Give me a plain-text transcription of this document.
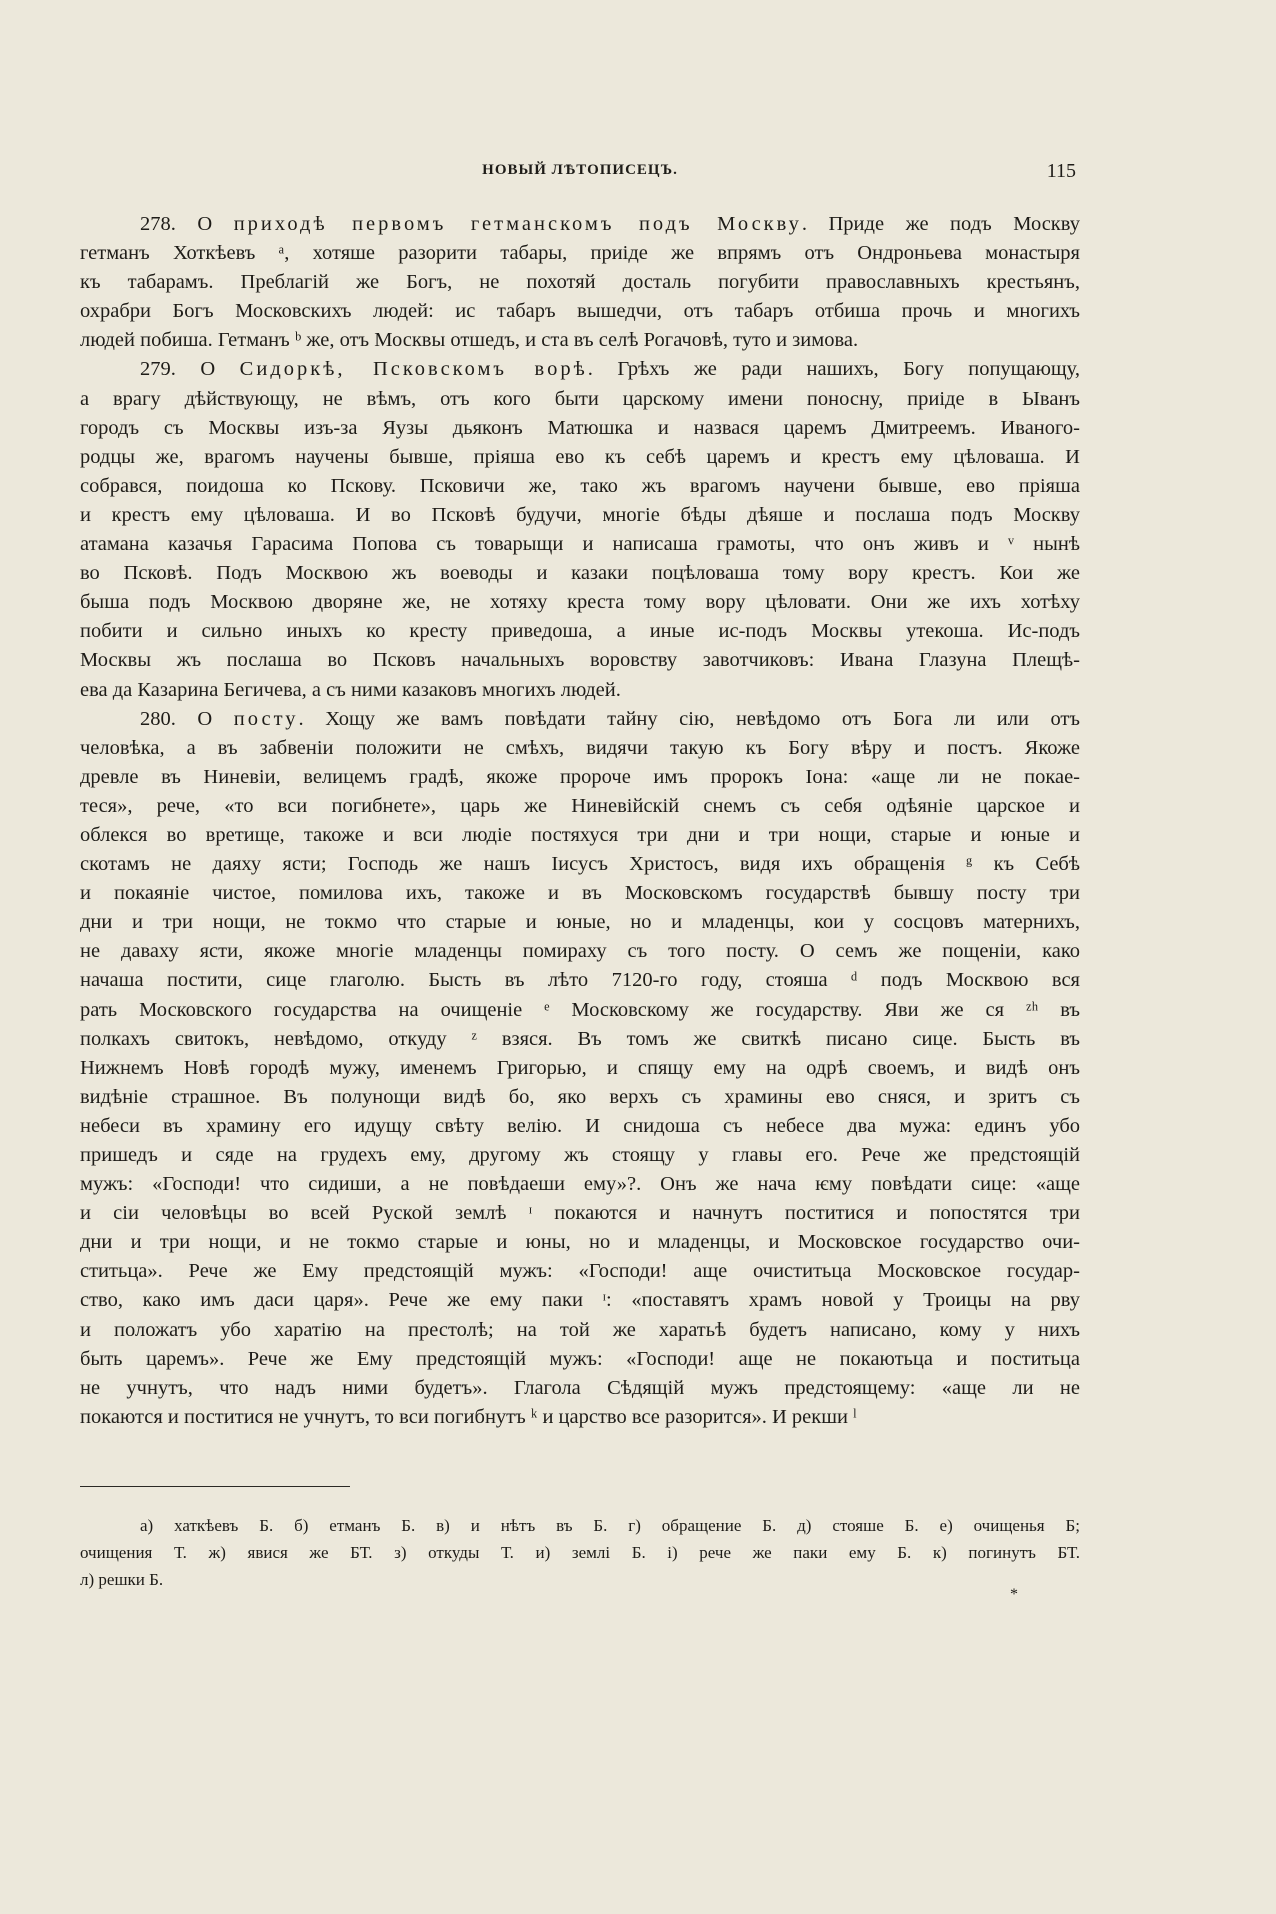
НОВЫЙ ЛѢТОПИСЕЦЪ.	115
278. О приходѣ первомъ гетманскомъ подъ Москву. Приде же подъ Москву
гетманъ Хоткѣевъ ᵃ, хотяше разорити табары, приіде же впрямъ отъ Ондроньева монастыря
къ табарамъ. Преблагій же Богъ, не похотяй досталь погубити православныхъ крестьянъ,
охрабри Богъ Московскихъ людей: ис табаръ вышедчи, отъ табаръ отбиша прочь и многихъ
людей побиша. Гетманъ ᵇ же, отъ Москвы отшедъ, и ста въ селѣ Рогачовѣ, туто и зимова.
279. О Сидоркѣ, Псковскомъ ворѣ. Грѣхъ же ради нашихъ, Богу попущающу,
а врагу дѣйствующу, не вѣмъ, отъ кого быти царскому имени поносну, приіде в Ыванъ
городъ съ Москвы изъ-за Яузы дьяконъ Матюшка и назвася царемъ Дмитреемъ. Иваного-
родцы же, врагомъ научены бывше, пріяша ево къ себѣ царемъ и крестъ ему цѣловаша. И
собрався, поидоша ко Пскову. Псковичи же, тако жъ врагомъ научени бывше, ево пріяша
и крестъ ему цѣловаша. И во Псковѣ будучи, многіе бѣды дѣяше и послаша подъ Москву
атамана казачья Гарасима Попова съ товарыщи и написаша грамоты, что онъ живъ и ᵛ нынѣ
во Псковѣ. Подъ Москвою жъ воеводы и казаки поцѣловаша тому вору крестъ. Кои же
быша подъ Москвою дворяне же, не хотяху креста тому вору цѣловати. Они же ихъ хотѣху
побити и сильно иныхъ ко кресту приведоша, а иные ис-подъ Москвы утекоша. Ис-подъ
Москвы жъ послаша во Псковъ начальныхъ воровству завотчиковъ: Ивана Глазуна Плещѣ-
ева да Казарина Бегичева, а съ ними казаковъ многихъ людей.
280. О посту. Хощу же вамъ повѣдати тайну сію, невѣдомо отъ Бога ли или отъ
человѣка, а въ забвеніи положити не смѣхъ, видячи такую къ Богу вѣру и постъ. Якоже
древле въ Ниневіи, велицемъ градѣ, якоже пророче имъ пророкъ Іона: «аще ли не покае-
теся», рече, «то вси погибнете», царь же Ниневійскій снемъ съ себя одѣяніе царское и
облекся во вретище, такоже и вси людіе постяхуся три дни и три нощи, старые и юные и
скотамъ не даяху ясти; Господь же нашъ Іисусъ Христосъ, видя ихъ обращенія ᵍ къ Себѣ
и покаяніе чистое, помилова ихъ, такоже и въ Московскомъ государствѣ бывшу посту три
дни и три нощи, не токмо что старые и юные, но и младенцы, кои у сосцовъ матернихъ,
не даваху ясти, якоже многіе младенцы помираху съ того посту. О семъ же пощеніи, како
начаша постити, сице глаголю. Бысть въ лѣто 7120-го году, стояша ᵈ подъ Москвою вся
рать Московского государства на очищеніе ᵉ Московскому же государству. Яви же ся ᶻʰ въ
полкахъ свитокъ, невѣдомо, откуду ᶻ взяся. Въ томъ же свиткѣ писано сице. Бысть въ
Нижнемъ Новѣ городѣ мужу, именемъ Григорью, и спящу ему на одрѣ своемъ, и видѣ онъ
видѣніе страшное. Въ полунощи видѣ бо, яко верхъ съ храмины ево сняся, и зритъ съ
небеси въ храмину его идущу свѣту велію. И снидоша съ небесе два мужа: единъ убо
пришедъ и сяде на грудехъ ему, другому жъ стоящу у главы его. Рече же предстоящій
мужъ: «Господи! что сидиши, а не повѣдаеши ему»?. Онъ же нача ѥму повѣдати сице: «аще
и сіи человѣцы во всей Руской землѣ ᶦ покаются и начнутъ поститися и попостятся три
дни и три нощи, и не токмо старые и юны, но и младенцы, и Московское государство очи-
ститьца». Рече же Ему предстоящій мужъ: «Господи! аще очиститьца Московское государ-
ство, како имъ даси царя». Рече же ему паки ᶦ: «поставятъ храмъ новой у Троицы на рву
и положатъ убо харатію на престолѣ; на той же харатьѣ будетъ написано, кому у нихъ
быть царемъ». Рече же Ему предстоящій мужъ: «Господи! аще не покаютьца и поститьца
не учнутъ, что надъ ними будетъ». Глагола Сѣдящій мужъ предстоящему: «аще ли не
покаются и поститися не учнутъ, то вси погибнутъ ᵏ и царство все разорится». И рекши ˡ
а) хаткѣевъ Б. б) етманъ Б. в) и нѣтъ въ Б. г) обращение Б. д) стояше Б. е) очищенья Б;
очищения Т. ж) явися же БТ. з) откуды Т. и) землі Б. і) рече же паки ему Б. к) погинутъ БТ.
л) решки Б.
*
